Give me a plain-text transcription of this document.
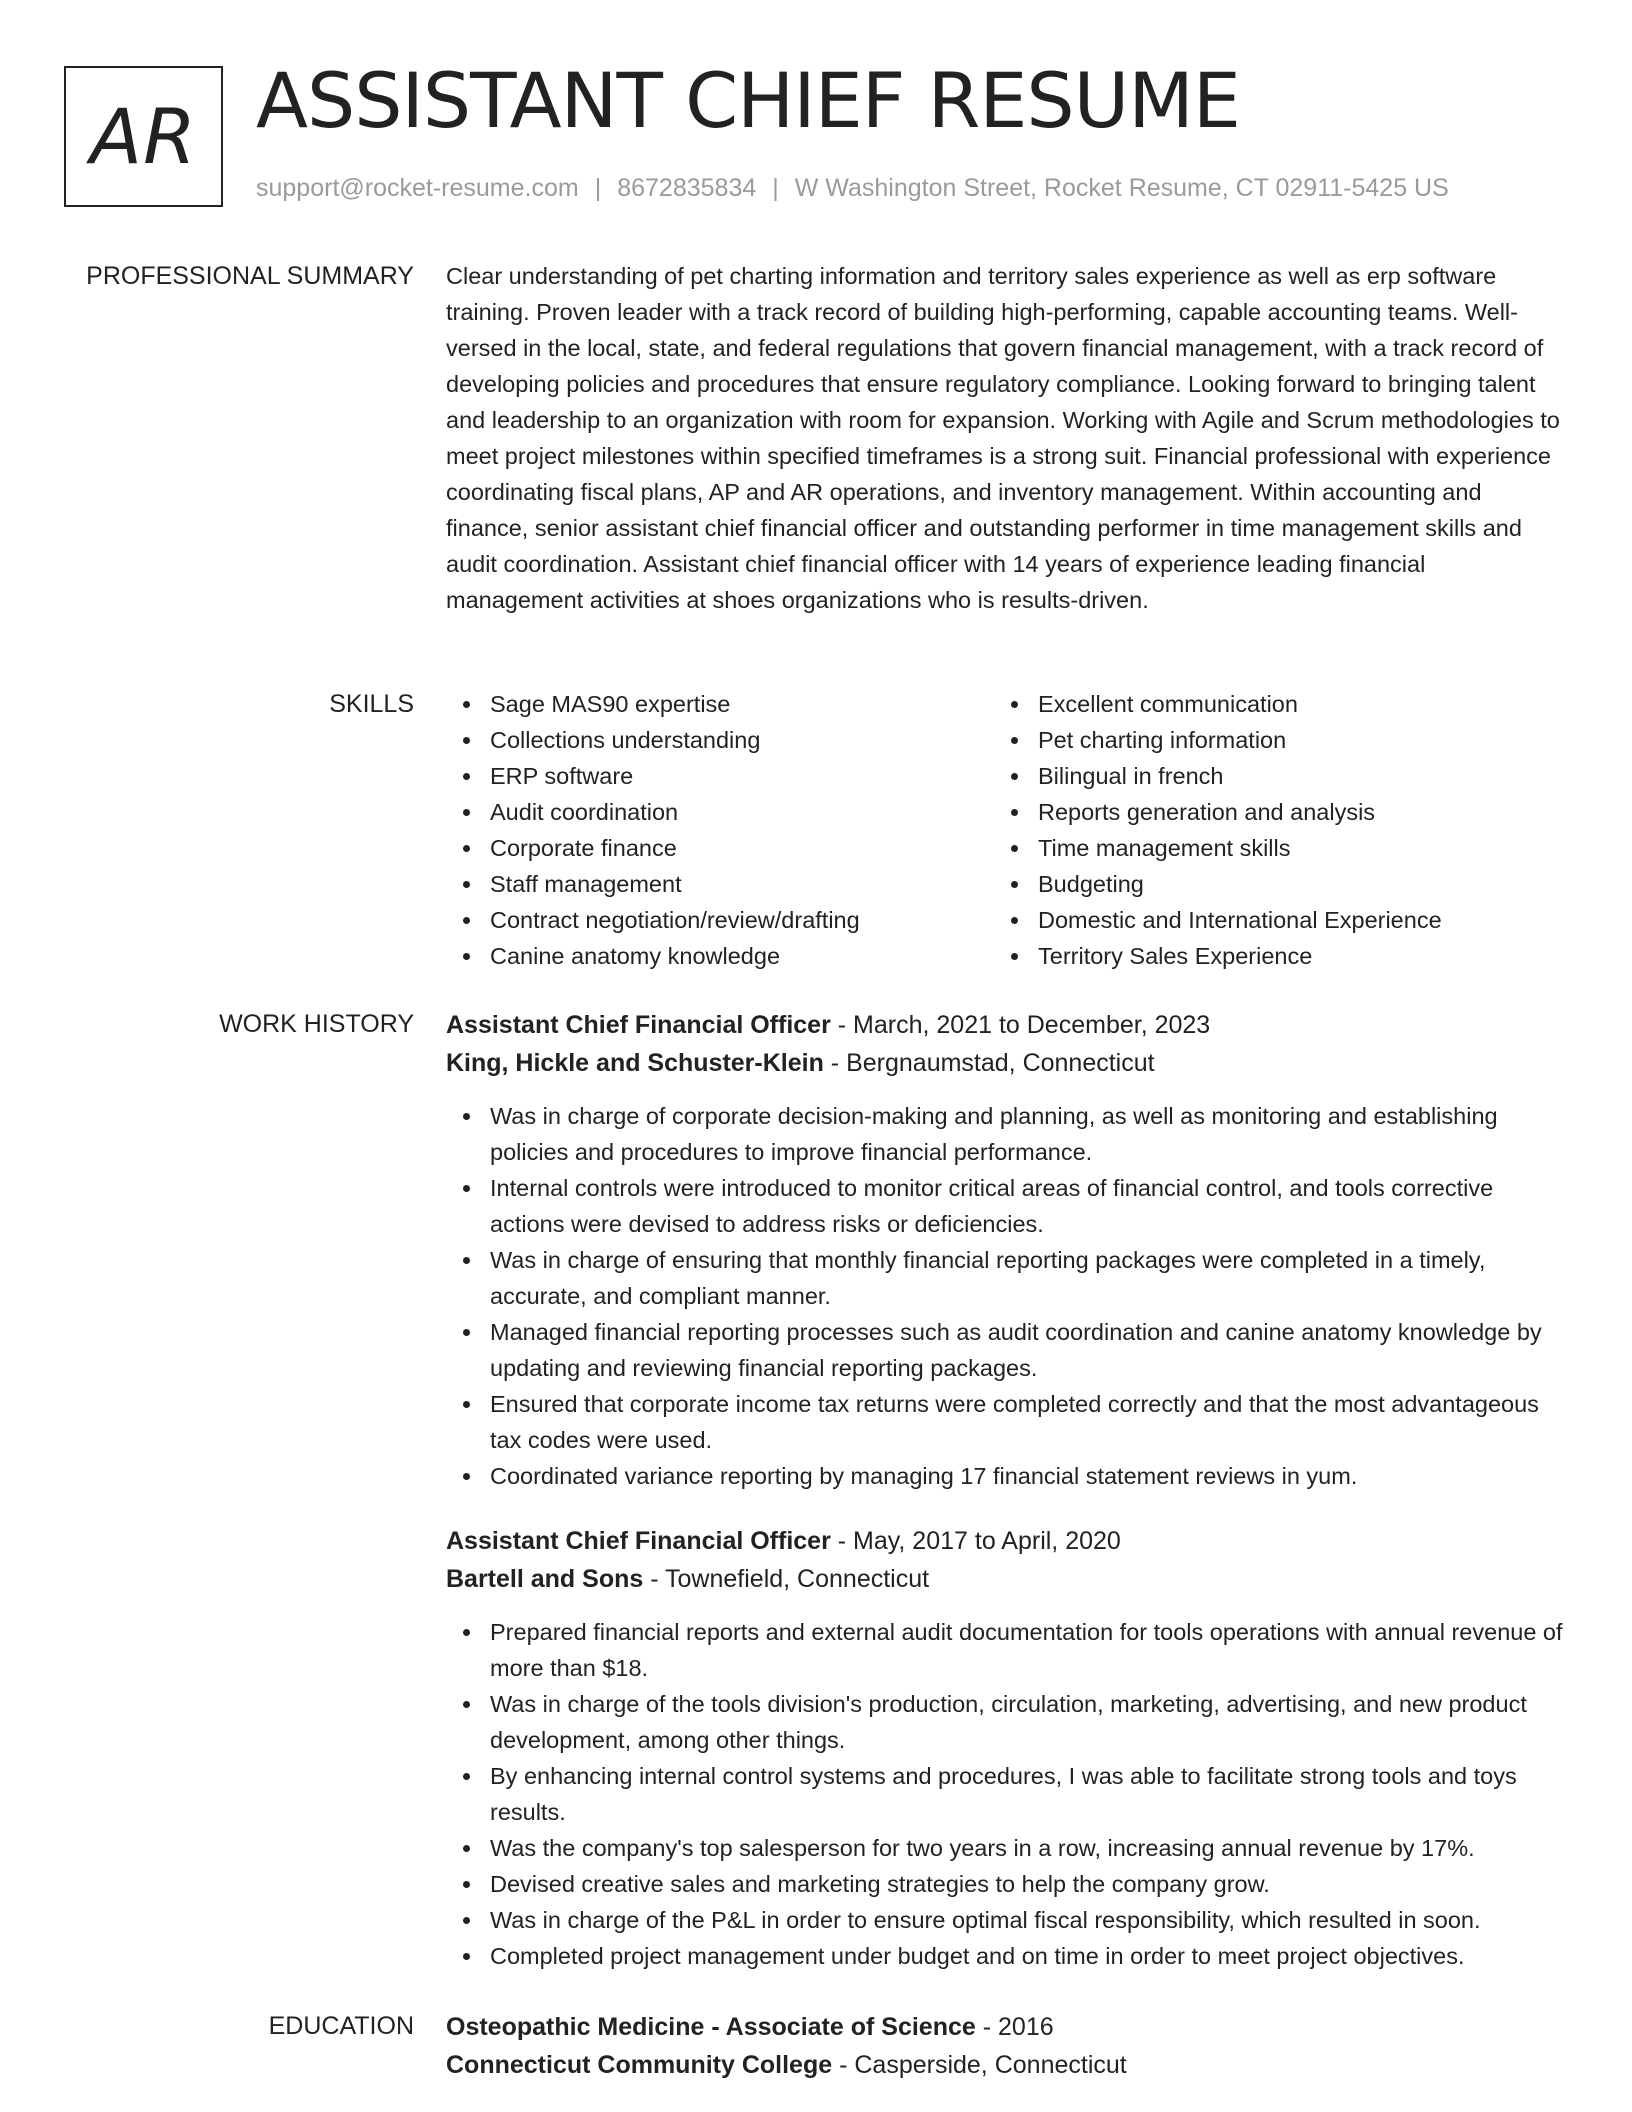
AR ASSISTANT CHIEF RESUME
support@rocket-resume.com | 8672835834 | W Washington Street, Rocket Resume, CT 02911-5425 US
PROFESSIONAL SUMMARY Clear understanding of pet charting information and territory sales experience as well as erp software training. Proven leader with a track record of building high-performing, capable accounting teams. Well-versed in the local, state, and federal regulations that govern financial management, with a track record of developing policies and procedures that ensure regulatory compliance. Looking forward to bringing talent and leadership to an organization with room for expansion. Working with Agile and Scrum methodologies to meet project milestones within specified timeframes is a strong suit. Financial professional with experience coordinating fiscal plans, AP and AR operations, and inventory management. Within accounting and finance, senior assistant chief financial officer and outstanding performer in time management skills and audit coordination. Assistant chief financial officer with 14 years of experience leading financial management activities at shoes organizations who is results-driven.

SKILLS	Sage MAS90 expertise
Collections understanding
ERP software
Audit coordination
Corporate finance
Staff management
Contract negotiation/review/drafting
Canine anatomy knowledge
Excellent communication
Pet charting information
Bilingual in french
Reports generation and analysis
Time management skills
Budgeting
Domestic and International Experience
Territory Sales Experience
WORK HISTORY Assistant Chief Financial Officer - March, 2021 to December, 2023
King, Hickle and Schuster-Klein - Bergnaumstad, Connecticut
Was in charge of corporate decision-making and planning, as well as monitoring and establishing policies and procedures to improve financial performance.
Internal controls were introduced to monitor critical areas of financial control, and tools corrective actions were devised to address risks or deficiencies.
Was in charge of ensuring that monthly financial reporting packages were completed in a timely, accurate, and compliant manner.
Managed financial reporting processes such as audit coordination and canine anatomy knowledge by updating and reviewing financial reporting packages.
Ensured that corporate income tax returns were completed correctly and that the most advantageous tax codes were used.
Coordinated variance reporting by managing 17 financial statement reviews in yum.
Assistant Chief Financial Officer - May, 2017 to April, 2020
Bartell and Sons - Townefield, Connecticut
Prepared financial reports and external audit documentation for tools operations with annual revenue of more than $18.
Was in charge of the tools division's production, circulation, marketing, advertising, and new product development, among other things.
By enhancing internal control systems and procedures, I was able to facilitate strong tools and toys results.
Was the company's top salesperson for two years in a row, increasing annual revenue by 17%.
Devised creative sales and marketing strategies to help the company grow.
Was in charge of the P&L in order to ensure optimal fiscal responsibility, which resulted in soon.
Completed project management under budget and on time in order to meet project objectives.
EDUCATION Osteopathic Medicine - Associate of Science - 2016
Connecticut Community College - Casperside, Connecticut
